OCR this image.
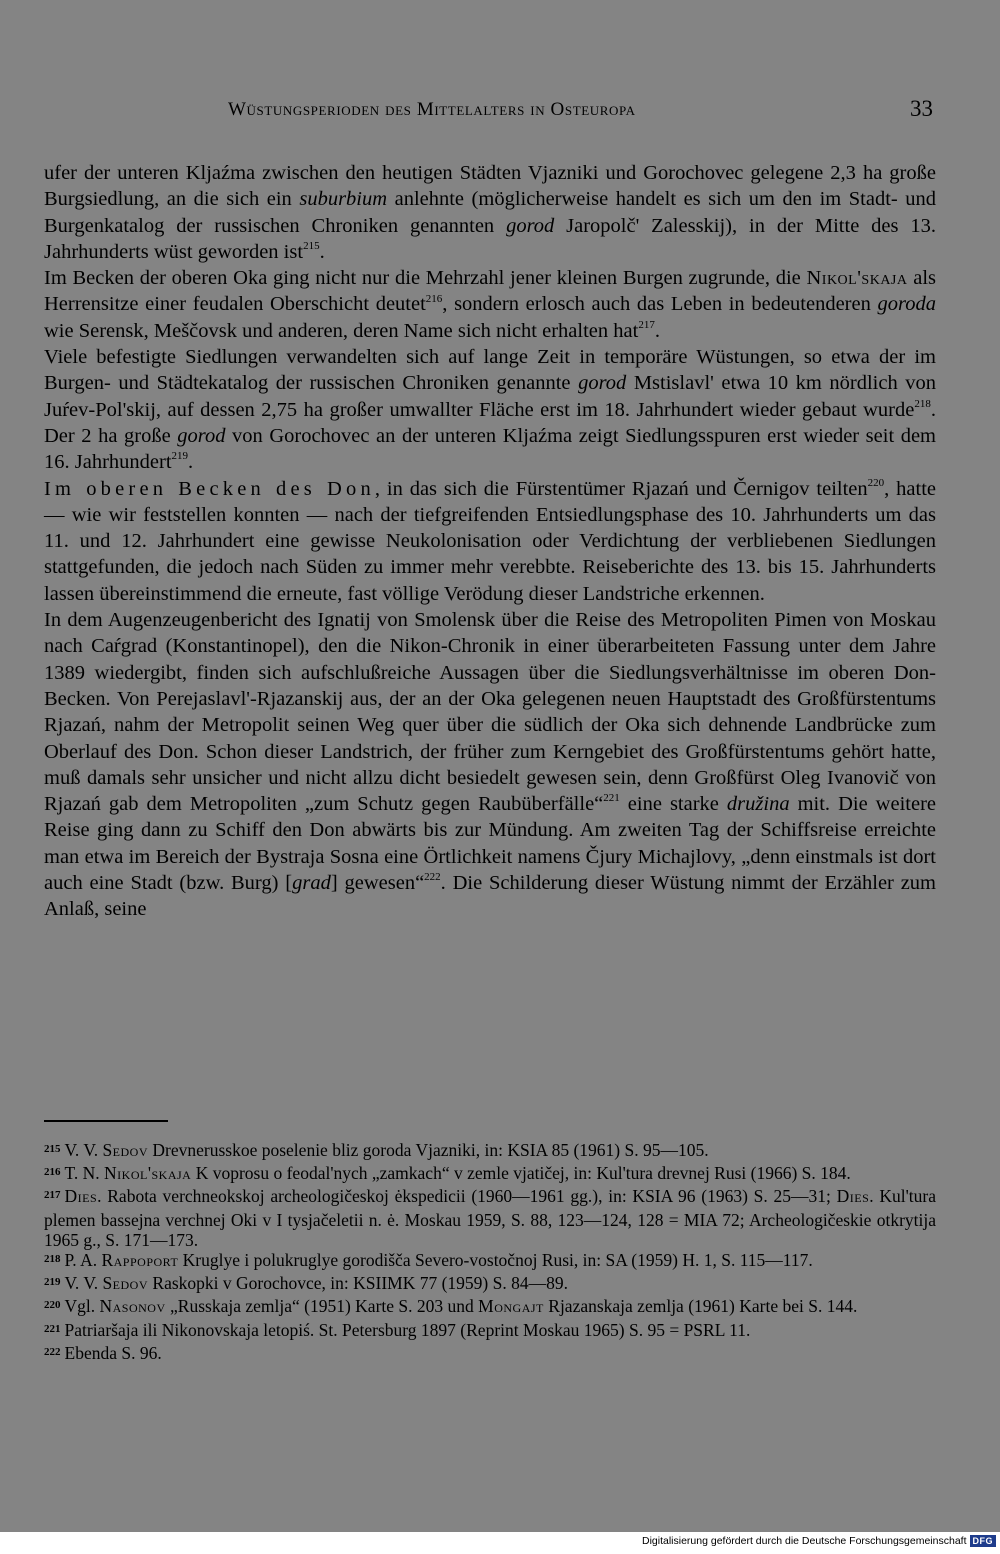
Wüstungsperioden des Mittelalters in Osteuropa	33

ufer der unteren Kljaźma zwischen den heutigen Städten Vjazniki und Gorochovec gelegene 2,3 ha große Burgsiedlung, an die sich ein suburbium anlehnte (möglicherweise handelt es sich um den im Stadt- und Burgenkatalog der russischen Chroniken genannten gorod Jaropolč' Zalesskij), in der Mitte des 13. Jahrhunderts wüst geworden ist$^{215}$.

Im Becken der oberen Oka ging nicht nur die Mehrzahl jener kleinen Burgen zugrunde, die Nikol'skaja als Herrensitze einer feudalen Oberschicht deutet$^{216}$, sondern erlosch auch das Leben in bedeutenderen goroda wie Serensk, Meščovsk und anderen, deren Name sich nicht erhalten hat$^{217}$.

Viele befestigte Siedlungen verwandelten sich auf lange Zeit in temporäre Wüstungen, so etwa der im Burgen- und Städtekatalog der russischen Chroniken genannte gorod Mstislavl' etwa 10 km nördlich von Juŕev-Pol'skij, auf dessen 2,75 ha großer umwallter Fläche erst im 18. Jahrhundert wieder gebaut wurde$^{218}$. Der 2 ha große gorod von Gorochovec an der unteren Kljaźma zeigt Siedlungsspuren erst wieder seit dem 16. Jahrhundert$^{219}$.

Im oberen Becken des Don, in das sich die Fürstentümer Rjazań und Černigov teilten$^{220}$, hatte — wie wir feststellen konnten — nach der tiefgreifenden Entsiedlungsphase des 10. Jahrhunderts um das 11. und 12. Jahrhundert eine gewisse Neukolonisation oder Verdichtung der verbliebenen Siedlungen stattgefunden, die jedoch nach Süden zu immer mehr verebbte. Reiseberichte des 13. bis 15. Jahrhunderts lassen übereinstimmend die erneute, fast völlige Verödung dieser Landstriche erkennen.

In dem Augenzeugenbericht des Ignatij von Smolensk über die Reise des Metropoliten Pimen von Moskau nach Caŕgrad (Konstantinopel), den die Nikon-Chronik in einer überarbeiteten Fassung unter dem Jahre 1389 wiedergibt, finden sich aufschlußreiche Aussagen über die Siedlungsverhältnisse im oberen Don-Becken. Von Perejaslavl'-Rjazanskij aus, der an der Oka gelegenen neuen Hauptstadt des Großfürstentums Rjazań, nahm der Metropolit seinen Weg quer über die südlich der Oka sich dehnende Landbrücke zum Oberlauf des Don. Schon dieser Landstrich, der früher zum Kerngebiet des Großfürstentums gehört hatte, muß damals sehr unsicher und nicht allzu dicht besiedelt gewesen sein, denn Großfürst Oleg Ivanovič von Rjazań gab dem Metropoliten „zum Schutz gegen Raubüberfälle“$^{221}$ eine starke družina mit. Die weitere Reise ging dann zu Schiff den Don abwärts bis zur Mündung. Am zweiten Tag der Schiffsreise erreichte man etwa im Bereich der Bystraja Sosna eine Örtlichkeit namens Čjury Michajlovy, „denn einstmals ist dort auch eine Stadt (bzw. Burg) [grad] gewesen“$^{222}$. Die Schilderung dieser Wüstung nimmt der Erzähler zum Anlaß, seine

$^{215}$ V. V. Sedov Drevnerusskoe poselenie bliz goroda Vjazniki, in: KSIA 85 (1961) S. 95—105.

$^{216}$ T. N. Nikol'skaja K voprosu o feodal'nych „zamkach“ v zemle vjatičej, in: Kul'tura drevnej Rusi (1966) S. 184.

$^{217}$ Dies. Rabota verchneokskoj archeologičeskoj ėkspedicii (1960—1961 gg.), in: KSIA 96 (1963) S. 25—31; Dies. Kul'tura plemen bassejna verchnej Oki v I tysjačeletii n. ė. Moskau 1959, S. 88, 123—124, 128 = MIA 72; Archeologičeskie otkrytija 1965 g., S. 171—173.

$^{218}$ P. A. Rappoport Kruglye i polukruglye gorodišča Severo-vostočnoj Rusi, in: SA (1959) H. 1, S. 115—117.

$^{219}$ V. V. Sedov Raskopki v Gorochovce, in: KSIIMK 77 (1959) S. 84—89.

$^{220}$ Vgl. Nasonov „Russkaja zemlja“ (1951) Karte S. 203 und Mongajt Rjazanskaja zemlja (1961) Karte bei S. 144.

$^{221}$ Patriaršaja ili Nikonovskaja letopiś. St. Petersburg 1897 (Reprint Moskau 1965) S. 95 = PSRL 11.

$^{222}$ Ebenda S. 96.

Digitalisierung gefördert durch die Deutsche Forschungsgemeinschaft DFG
